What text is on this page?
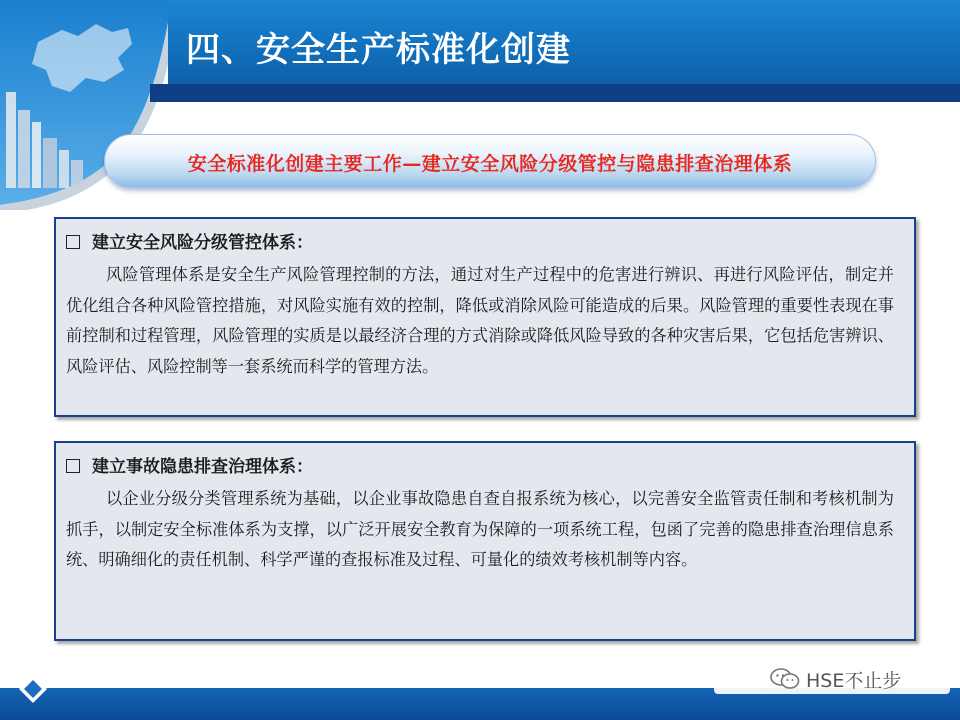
四、安全生产标准化创建
安全标准化创建主要工作—建立安全风险分级管控与隐患排查治理体系
建立安全风险分级管控体系：
风险管理体系是安全生产风险管理控制的方法，通过对生产过程中的危害进行辨识、再进行风险评估，制定并优化组合各种风险管控措施，对风险实施有效的控制，降低或消除风险可能造成的后果。风险管理的重要性表现在事前控制和过程管理，风险管理的实质是以最经济合理的方式消除或降低风险导致的各种灾害后果，它包括危害辨识、风险评估、风险控制等一套系统而科学的管理方法。
建立事故隐患排查治理体系：
以企业分级分类管理系统为基础，以企业事故隐患自查自报系统为核心，以完善安全监管责任制和考核机制为抓手，以制定安全标准体系为支撑，以广泛开展安全教育为保障的一项系统工程，包函了完善的隐患排查治理信息系统、明确细化的责任机制、科学严谨的查报标准及过程、可量化的绩效考核机制等内容。
HSE不止步
